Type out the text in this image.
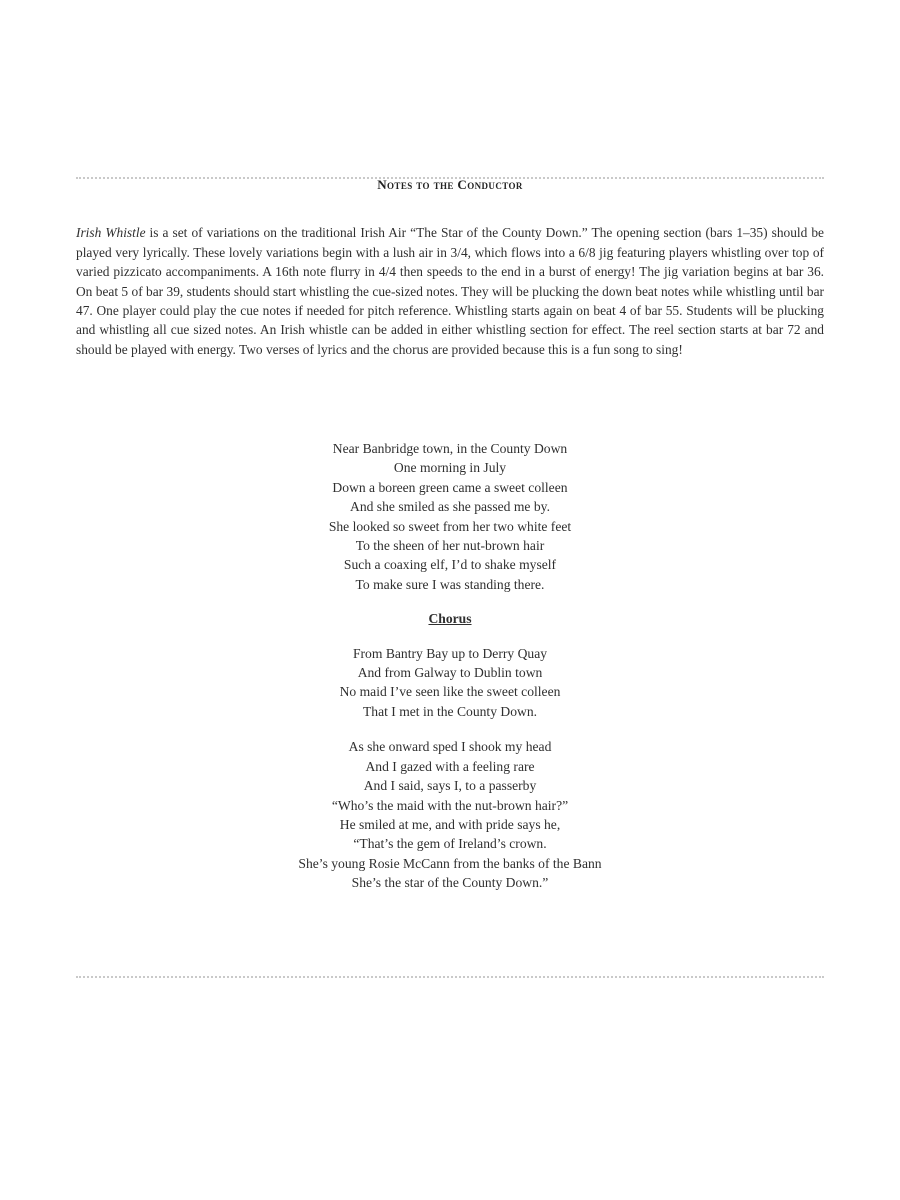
Notes to the Conductor

Irish Whistle is a set of variations on the traditional Irish Air “The Star of the County Down.” The opening section (bars 1–35) should be played very lyrically. These lovely variations begin with a lush air in 3/4, which flows into a 6/8 jig featuring players whistling over top of varied pizzicato accompaniments. A 16th note flurry in 4/4 then speeds to the end in a burst of energy! The jig variation begins at bar 36. On beat 5 of bar 39, students should start whistling the cue-sized notes. They will be plucking the down beat notes while whistling until bar 47. One player could play the cue notes if needed for pitch reference. Whistling starts again on beat 4 of bar 55. Students will be plucking and whistling all cue sized notes. An Irish whistle can be added in either whistling section for effect. The reel section starts at bar 72 and should be played with energy. Two verses of lyrics and the chorus are provided because this is a fun song to sing!

Near Banbridge town, in the County Down
One morning in July
Down a boreen green came a sweet colleen
And she smiled as she passed me by.
She looked so sweet from her two white feet
To the sheen of her nut-brown hair
Such a coaxing elf, I’d to shake myself
To make sure I was standing there.
Chorus
From Bantry Bay up to Derry Quay
And from Galway to Dublin town
No maid I’ve seen like the sweet colleen
That I met in the County Down.
As she onward sped I shook my head
And I gazed with a feeling rare
And I said, says I, to a passerby
“Who’s the maid with the nut-brown hair?”
He smiled at me, and with pride says he,
“That’s the gem of Ireland’s crown.
She’s young Rosie McCann from the banks of the Bann
She’s the star of the County Down.”
